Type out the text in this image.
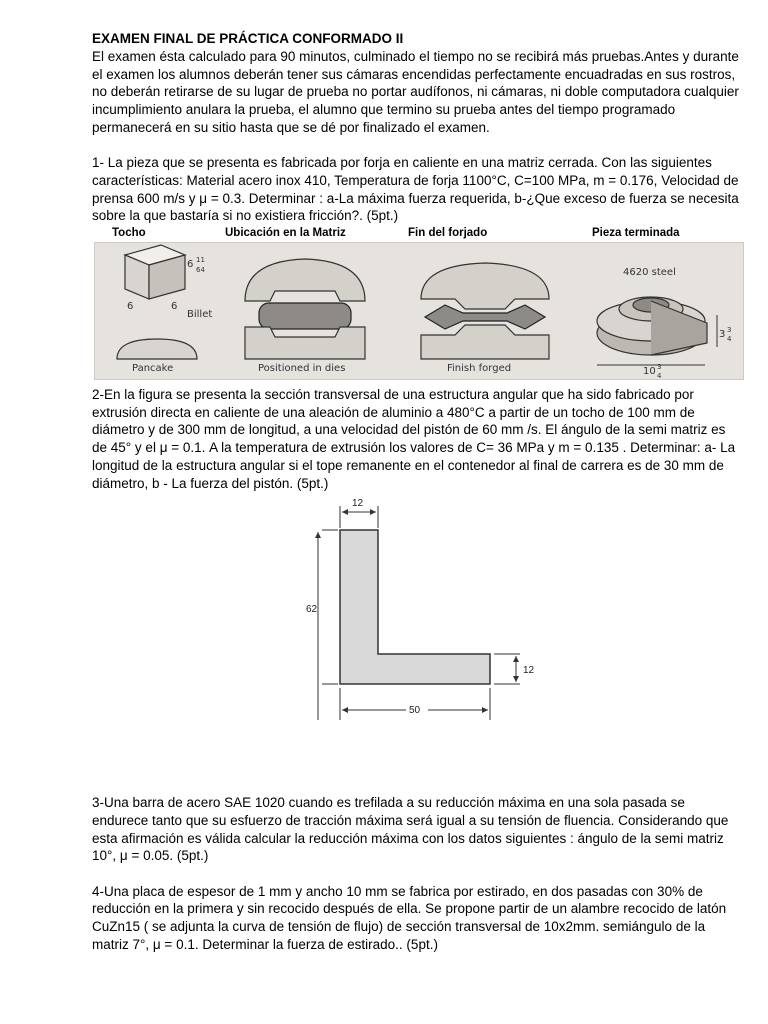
EXAMEN FINAL DE PRÁCTICA CONFORMADO II

El examen ésta calculado para 90 minutos, culminado el tiempo no se recibirá más pruebas.Antes y durante el examen los alumnos deberán tener sus cámaras encendidas perfectamente encuadradas en sus rostros, no deberán retirarse de su lugar de prueba no portar audífonos, ni cámaras, ni doble computadora cualquier incumplimiento anulara la prueba, el alumno que termino su prueba antes del tiempo programado permanecerá en su sitio hasta que se dé por finalizado el examen.

1- La pieza que se presenta es fabricada por forja en caliente en una matriz cerrada. Con las siguientes características: Material acero inox 410, Temperatura de forja 1100°C, C=100 MPa, m = 0.176, Velocidad de prensa 600 m/s y μ = 0.3. Determinar : a-La máxima fuerza requerida, b-¿Que exceso de fuerza se necesita sobre la que bastaría si no existiera fricción?. (5pt.)

Tocho	Ubicación en la Matriz	Fin del forjado	Pieza terminada
6 11
64
6	6
Billet
Pancake	Positioned in dies	Finish forged
4620 steel
3 3
4
10 3
4

2-En la figura se presenta la sección transversal de una estructura angular que ha sido fabricado por extrusión directa en caliente de una aleación de aluminio a 480°C a partir de un tocho de 100 mm de diámetro y de 300 mm de longitud, a una velocidad del pistón de 60 mm /s. El ángulo de la semi matriz es de 45° y el μ = 0.1. A la temperatura de extrusión los valores de C= 36 MPa y m = 0.135 . Determinar: a- La longitud de la estructura angular si el tope remanente en el contenedor al final de carrera es de 30 mm de diámetro, b - La fuerza del pistón. (5pt.)

12
62
12
50

3-Una barra de acero SAE 1020 cuando es trefilada a su reducción máxima en una sola pasada se endurece tanto que su esfuerzo de tracción máxima será igual a su tensión de fluencia. Considerando que esta afirmación es válida calcular la reducción máxima con los datos siguientes : ángulo de la semi matriz 10°, μ = 0.05. (5pt.)

4-Una placa de espesor de 1 mm y ancho 10 mm se fabrica por estirado, en dos pasadas con 30% de reducción en la primera y sin recocido después de ella. Se propone partir de un alambre recocido de latón CuZn15 ( se adjunta la curva de tensión de flujo) de sección transversal de 10x2mm. semiángulo de la matriz 7°, μ = 0.1. Determinar la fuerza de estirado.. (5pt.)
